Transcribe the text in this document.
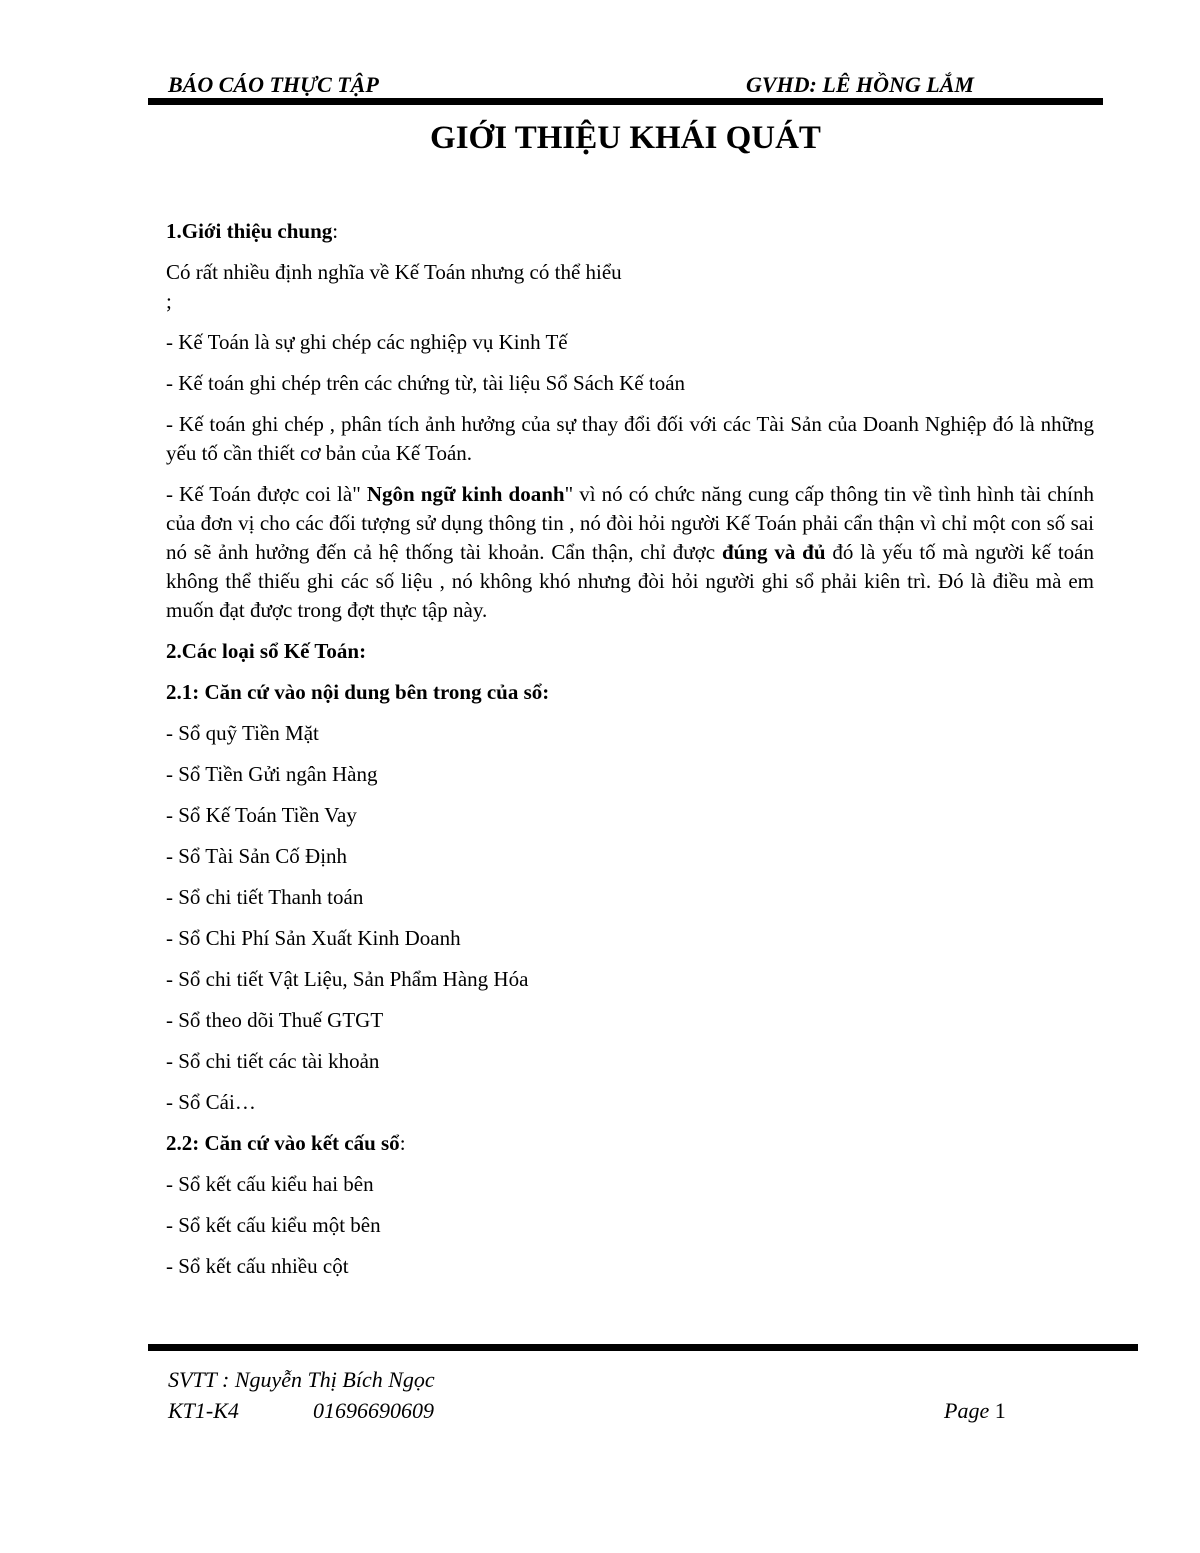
BÁO CÁO THỰC TẬP	GVHD: LÊ HỒNG LẮM
GIỚI THIỆU KHÁI QUÁT

1.Giới thiệu chung:

Có rất nhiều định nghĩa về Kế Toán nhưng có thể hiểu

;

- Kế Toán là sự ghi chép các nghiệp vụ Kinh Tế

- Kế toán ghi chép trên các chứng từ, tài liệu Sổ Sách Kế toán

- Kế toán ghi chép , phân tích ảnh hưởng của sự thay đổi đối với các Tài Sản của Doanh Nghiệp đó là những yếu tố cần thiết cơ bản của Kế Toán.

- Kế Toán được coi là" Ngôn ngữ kinh doanh" vì nó có chức năng cung cấp thông tin về tình hình tài chính của đơn vị cho các đối tượng sử dụng thông tin , nó đòi hỏi người Kế Toán phải cẩn thận vì chỉ một con số sai nó sẽ ảnh hưởng đến cả hệ thống tài khoản. Cẩn thận, chỉ được đúng và đủ đó là yếu tố mà người kế toán không thể thiếu ghi các số liệu , nó không khó nhưng đòi hỏi người ghi sổ phải kiên trì. Đó là điều mà em muốn đạt được trong đợt thực tập này.

2.Các loại sổ Kế Toán:

2.1: Căn cứ vào nội dung bên trong của sổ:

- Sổ quỹ Tiền Mặt

- Sổ Tiền Gửi ngân Hàng

- Sổ Kế Toán Tiền Vay

- Sổ Tài Sản Cố Định

- Sổ chi tiết Thanh toán

- Sổ Chi Phí Sản Xuất Kinh Doanh

- Sổ chi tiết Vật Liệu, Sản Phẩm Hàng Hóa

- Sổ theo dõi Thuế GTGT

- Sổ chi tiết các tài khoản

- Sổ Cái…

2.2: Căn cứ vào kết cấu sổ:

- Sổ kết cấu kiểu hai bên

- Sổ kết cấu kiểu một bên

- Sổ kết cấu nhiều cột

SVTT : Nguyễn Thị Bích Ngọc
KT1-K4	01696690609	Page 1
